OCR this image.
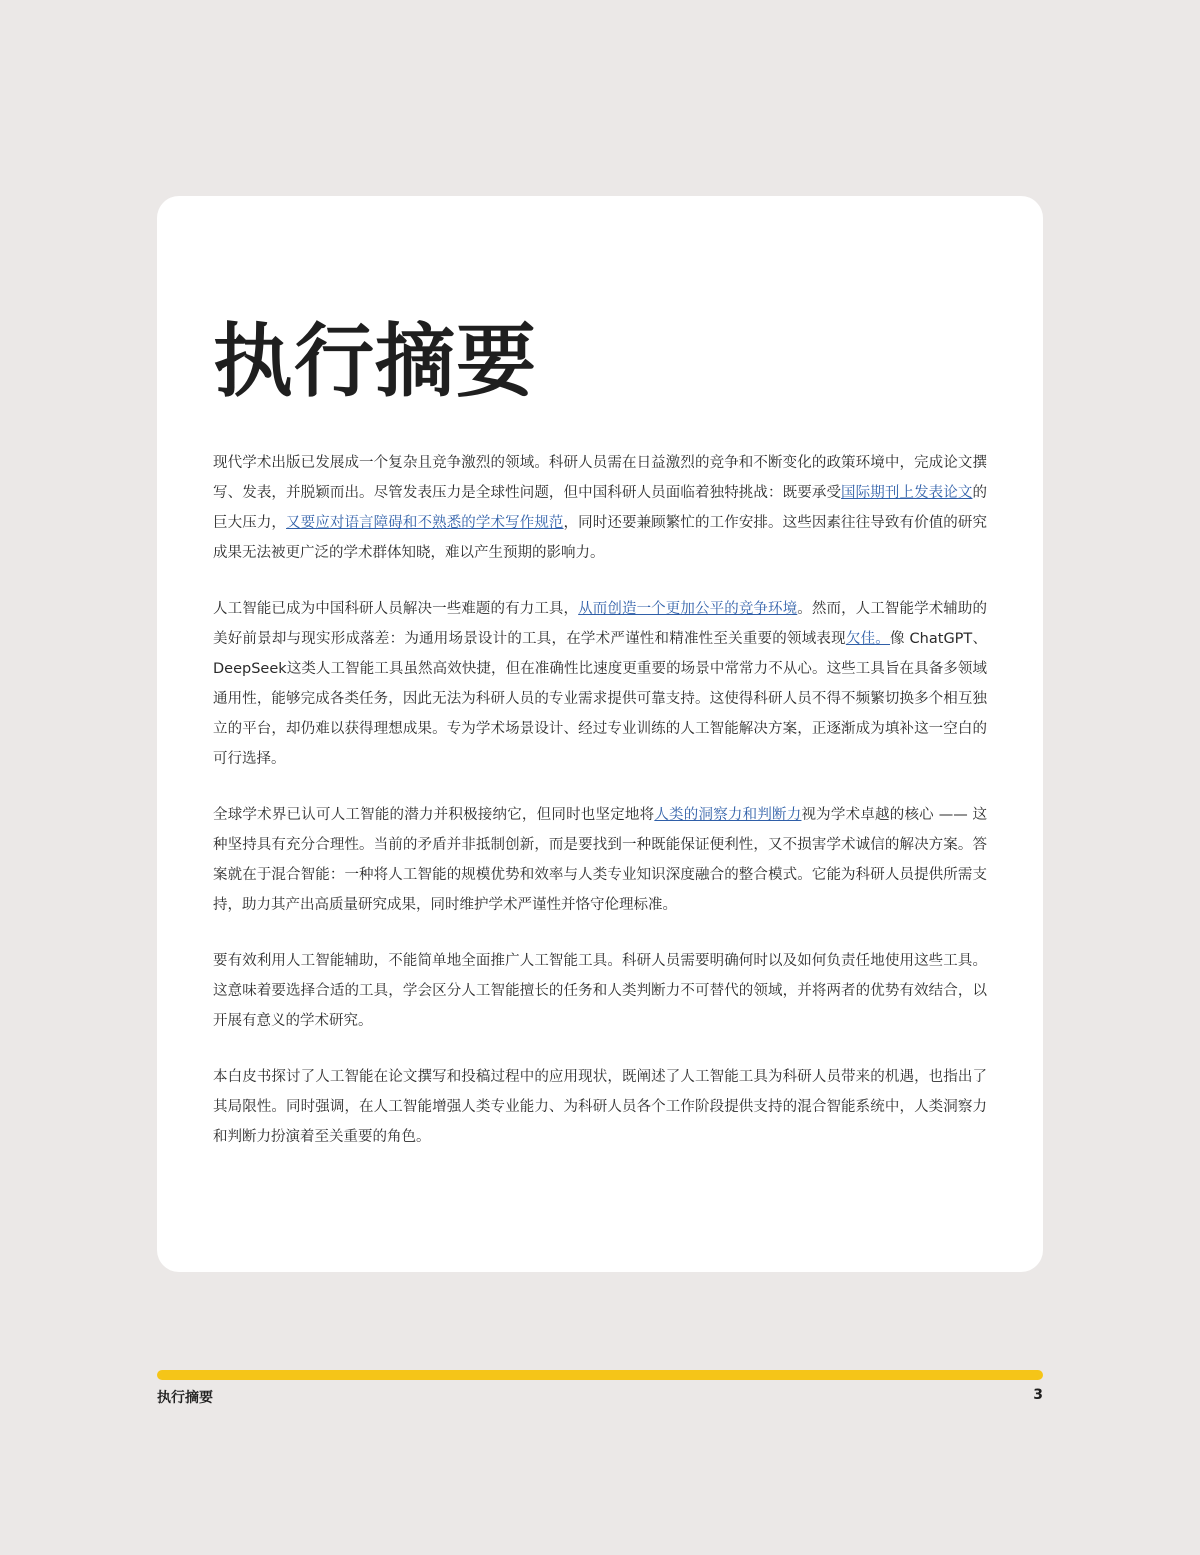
执行摘要

现代学术出版已发展成一个复杂且竞争激烈的领域。科研人员需在日益激烈的竞争和不断变化的政策环境中，完成论文撰写、发表，并脱颖而出。尽管发表压力是全球性问题，但中国科研人员面临着独特挑战：既要承受国际期刊上发表论文的巨大压力，又要应对语言障碍和不熟悉的学术写作规范，同时还要兼顾繁忙的工作安排。这些因素往往导致有价值的研究成果无法被更广泛的学术群体知晓，难以产生预期的影响力。

人工智能已成为中国科研人员解决一些难题的有力工具，从而创造一个更加公平的竞争环境。然而，人工智能学术辅助的美好前景却与现实形成落差：为通用场景设计的工具，在学术严谨性和精准性至关重要的领域表现欠佳。像 ChatGPT、DeepSeek这类人工智能工具虽然高效快捷，但在准确性比速度更重要的场景中常常力不从心。这些工具旨在具备多领域通用性，能够完成各类任务，因此无法为科研人员的专业需求提供可靠支持。这使得科研人员不得不频繁切换多个相互独立的平台，却仍难以获得理想成果。专为学术场景设计、经过专业训练的人工智能解决方案，正逐渐成为填补这一空白的可行选择。

全球学术界已认可人工智能的潜力并积极接纳它，但同时也坚定地将人类的洞察力和判断力视为学术卓越的核心 —— 这种坚持具有充分合理性。当前的矛盾并非抵制创新，而是要找到一种既能保证便利性，又不损害学术诚信的解决方案。答案就在于混合智能：一种将人工智能的规模优势和效率与人类专业知识深度融合的整合模式。它能为科研人员提供所需支持，助力其产出高质量研究成果，同时维护学术严谨性并恪守伦理标准。

要有效利用人工智能辅助，不能简单地全面推广人工智能工具。科研人员需要明确何时以及如何负责任地使用这些工具。这意味着要选择合适的工具，学会区分人工智能擅长的任务和人类判断力不可替代的领域，并将两者的优势有效结合，以开展有意义的学术研究。

本白皮书探讨了人工智能在论文撰写和投稿过程中的应用现状，既阐述了人工智能工具为科研人员带来的机遇，也指出了其局限性。同时强调，在人工智能增强人类专业能力、为科研人员各个工作阶段提供支持的混合智能系统中，人类洞察力和判断力扮演着至关重要的角色。

执行摘要	3
